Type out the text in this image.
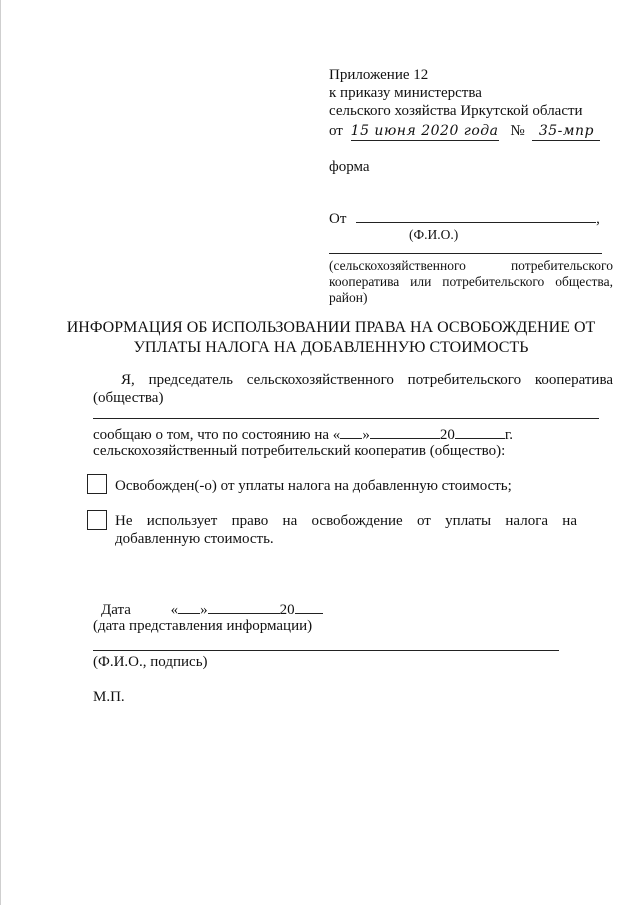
Приложение 12
к приказу министерства
сельского хозяйства Иркутской области
от 15 июня 2020 года № 35-мпр
форма
От	,
(Ф.И.О.)
(сельскохозяйственного	потребительского
кооператива или потребительского общества,
район)
ИНФОРМАЦИЯ ОБ ИСПОЛЬЗОВАНИИ ПРАВА НА ОСВОБОЖДЕНИЕ ОТ
УПЛАТЫ НАЛОГА НА ДОБАВЛЕННУЮ СТОИМОСТЬ
Я, председатель сельскохозяйственного потребительского кооператива
(общества)
сообщаю о том, что по состоянию на « »	20	г.
сельскохозяйственный потребительский кооператив (общество):
Освобожден(-о) от уплаты налога на добавленную стоимость;
Не использует право на освобождение от уплаты налога на
добавленную стоимость.
Дата	« »	20
(дата представления информации)
(Ф.И.О., подпись)
М.П.
